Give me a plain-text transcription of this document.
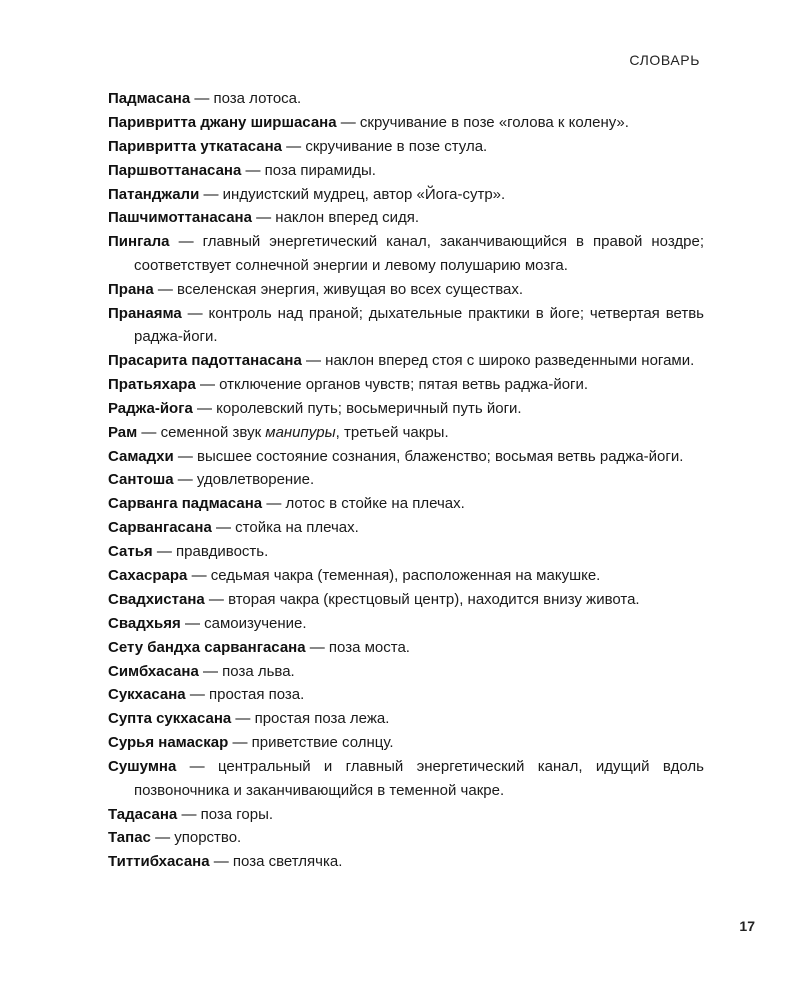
СЛОВАРЬ
Падмасана — поза лотоса.
Паривритта джану ширшасана — скручивание в позе «голова к колену».
Паривритта уткатасана — скручивание в позе стула.
Паршвоттанасана — поза пирамиды.
Патанджали — индуистский мудрец, автор «Йога-сутр».
Пашчимоттанасана — наклон вперед сидя.
Пингала — главный энергетический канал, заканчивающийся в правой ноздре; соответствует солнечной энергии и левому полушарию мозга.
Прана — вселенская энергия, живущая во всех существах.
Пранаяма — контроль над праной; дыхательные практики в йоге; четвертая ветвь раджа-йоги.
Прасарита падоттанасана — наклон вперед стоя с широко разведенными ногами.
Пратьяхара — отключение органов чувств; пятая ветвь раджа-йоги.
Раджа-йога — королевский путь; восьмеричный путь йоги.
Рам — семенной звук манипуры, третьей чакры.
Самадхи — высшее состояние сознания, блаженство; восьмая ветвь раджа-йоги.
Сантоша — удовлетворение.
Сарванга падмасана — лотос в стойке на плечах.
Сарвангасана — стойка на плечах.
Сатья — правдивость.
Сахасрара — седьмая чакра (теменная), расположенная на макушке.
Свадхистана — вторая чакра (крестцовый центр), находится внизу живота.
Свадхьяя — самоизучение.
Сету бандха сарвангасана — поза моста.
Симбхасана — поза льва.
Сукхасана — простая поза.
Супта сукхасана — простая поза лежа.
Сурья намаскар — приветствие солнцу.
Сушумна — центральный и главный энергетический канал, идущий вдоль позвоночника и заканчивающийся в теменной чакре.
Тадасана — поза горы.
Тапас — упорство.
Титтибхасана — поза светлячка.
17
